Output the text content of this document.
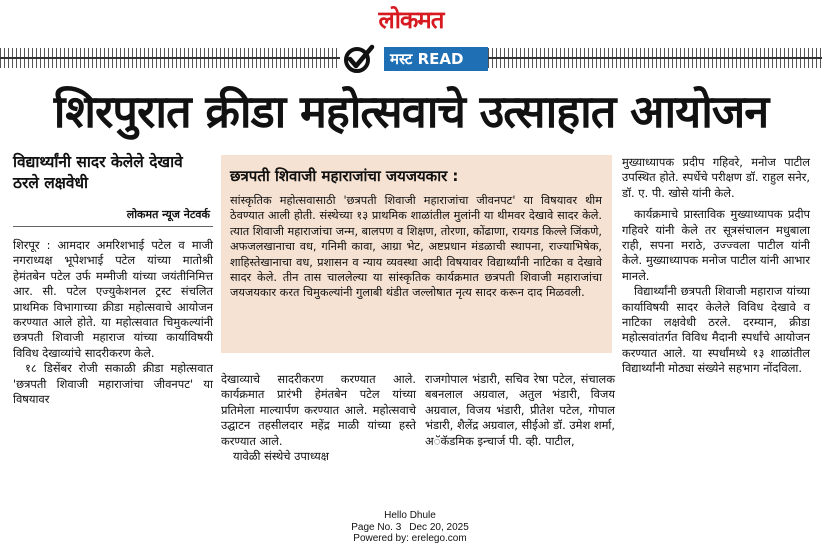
लोकमत
मस्ट READ
शिरपुरात क्रीडा महोत्सवाचे उत्साहात आयोजन
विद्यार्थ्यांनी सादर केलेले देखावे ठरले लक्षवेधी
लोकमत न्यूज नेटवर्क

शिरपूर : आमदार अमरिशभाई पटेल व माजी नगराध्यक्ष भूपेशभाई पटेल यांच्या मातोश्री हेमंतबेन पटेल उर्फ मम्मीजी यांच्या जयंतीनिमित्त आर. सी. पटेल एज्युकेशनल ट्रस्ट संचलित प्राथमिक विभागाच्या क्रीडा महोत्सवाचे आयोजन करण्यात आले होते. या महोत्सवात चिमुकल्यांनी छत्रपती शिवाजी महाराज यांच्या कार्याविषयी विविध देखाव्यांचे सादरीकरण केले.

१८ डिसेंबर रोजी सकाळी क्रीडा महोत्सवात 'छत्रपती शिवाजी महाराजांचा जीवनपट' या विषयावर

छत्रपती शिवाजी महाराजांचा जयजयकार :
सांस्कृतिक महोत्सवासाठी 'छत्रपती शिवाजी महाराजांचा जीवनपट' या विषयावर थीम ठेवण्यात आली होती. संस्थेच्या १३ प्राथमिक शाळांतील मुलांनी या थीमवर देखावे सादर केले. त्यात शिवाजी महाराजांचा जन्म, बालपण व शिक्षण, तोरणा, कोंढाणा, रायगड किल्ले जिंकणे, अफजलखानाचा वध, गनिमी कावा, आग्रा भेट, अष्टप्रधान मंडळाची स्थापना, राज्याभिषेक, शाहिस्तेखानाचा वध, प्रशासन व न्याय व्यवस्था आदी विषयावर विद्यार्थ्यांनी नाटिका व देखावे सादर केले. तीन तास चाललेल्या या सांस्कृतिक कार्यक्रमात छत्रपती शिवाजी महाराजांचा जयजयकार करत चिमुकल्यांनी गुलाबी थंडीत जल्लोषात नृत्य सादर करून दाद मिळवली.

देखाव्याचे सादरीकरण करण्यात आले. कार्यक्रमात प्रारंभी हेमंतबेन पटेल यांच्या प्रतिमेला माल्यार्पण करण्यात आले. महोत्सवाचे उद्घाटन तहसीलदार महेंद्र माळी यांच्या हस्ते करण्यात आले.

यावेळी संस्थेचे उपाध्यक्ष

राजगोपाल भंडारी, सचिव रेषा पटेल, संचालक बबनलाल अग्रवाल, अतुल भंडारी, विजय अग्रवाल, विजय भंडारी, प्रीतेश पटेल, गोपाल भंडारी, शैलेंद्र अग्रवाल, सीईओ डॉ. उमेश शर्मा, अॅकॅडमिक इन्चार्ज पी. व्ही. पाटील,

मुख्याध्यापक प्रदीप गहिवरे, मनोज पाटील उपस्थित होते. स्पर्धेचे परीक्षण डॉ. राहुल सनेर, डॉ. ए. पी. खोसे यांनी केले.

कार्यक्रमाचे प्रास्ताविक मुख्याध्यापक प्रदीप गहिवरे यांनी केले तर सूत्रसंचालन मधुबाला राही, सपना मराठे, उज्ज्वला पाटील यांनी केले. मुख्याध्यापक मनोज पाटील यांनी आभार मानले.

विद्यार्थ्यांनी छत्रपती शिवाजी महाराज यांच्या कार्याविषयी सादर केलेले विविध देखावे व नाटिका लक्षवेधी ठरले. दरम्यान, क्रीडा महोत्सवांतर्गत विविध मैदानी स्पर्धांचे आयोजन करण्यात आले. या स्पर्धांमध्ये १३ शाळांतील विद्यार्थ्यांनी मोठ्या संख्येने सहभाग नोंदविला.

Hello Dhule
Page No. 3 Dec 20, 2025
Powered by: erelego.com
